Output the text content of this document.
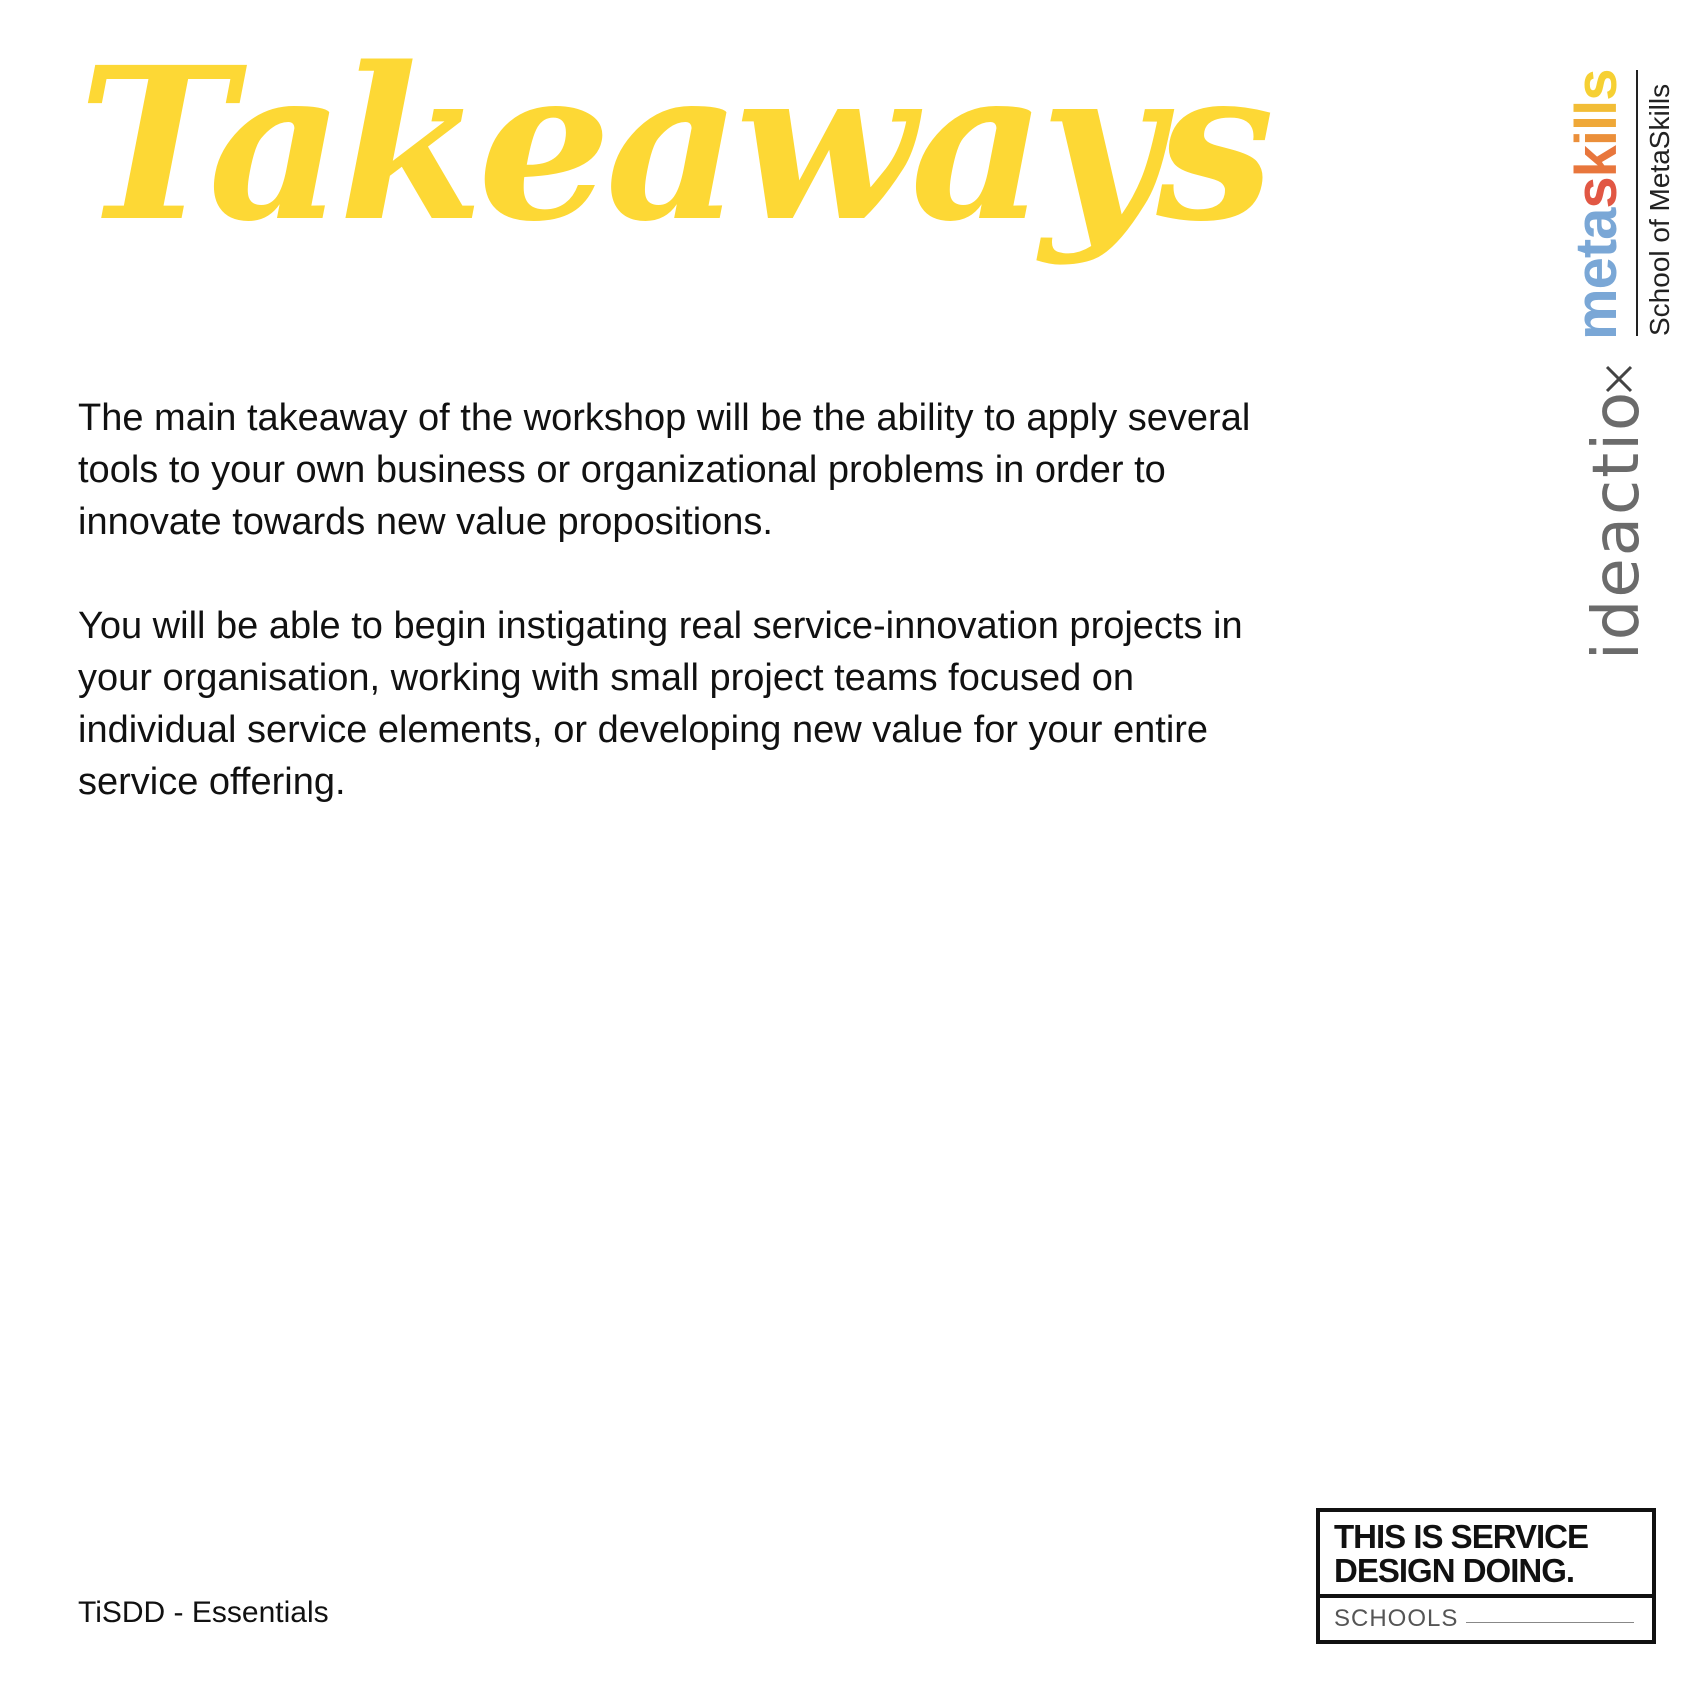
Takeaways

The main takeaway of the workshop will be the ability to apply several tools to your own business or organizational problems in order to innovate towards new value propositions.

You will be able to begin instigating real service-innovation projects in your organisation, working with small project teams focused on individual service elements, or developing new value for your entire service offering.

TiSDD - Essentials
metaskills School of MetaSkills
ideactio
THIS IS SERVICE
DESIGN DOING.
SCHOOLS
